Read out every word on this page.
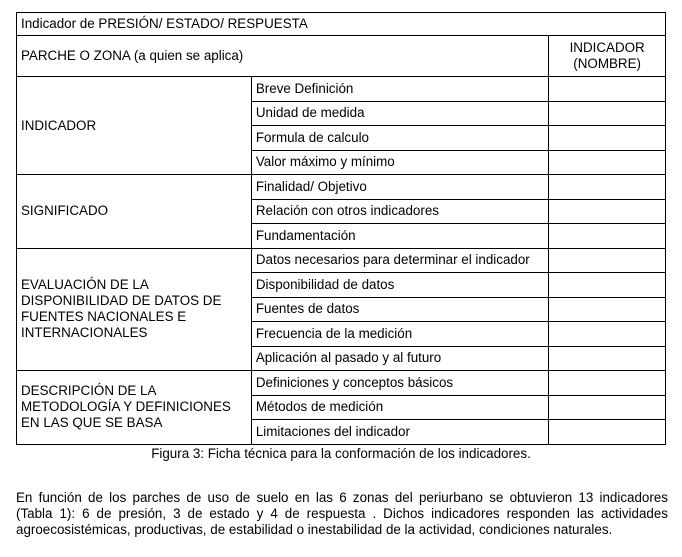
Indicador de PRESIÓN/ ESTADO/ RESPUESTA		
PARCHE O ZONA (a quien se aplica)		INDICADOR
(NOMBRE)
INDICADOR	Breve Definición	
	Unidad de medida	
	Formula de calculo	
	Valor máximo y mínimo	
SIGNIFICADO	Finalidad/ Objetivo	
	Relación con otros indicadores	
	Fundamentación	
EVALUACIÓN DE LA
DISPONIBILIDAD DE DATOS DE
FUENTES NACIONALES E
INTERNACIONALES	Datos necesarios para determinar el indicador	
	Disponibilidad de datos	
	Fuentes de datos	
	Frecuencia de la medición	
	Aplicación al pasado y al futuro	
DESCRIPCIÓN DE LA
METODOLOGÍA Y DEFINICIONES
EN LAS QUE SE BASA	Definiciones y conceptos básicos	
	Métodos de medición	
	Limitaciones del indicador	
Figura 3: Ficha técnica para la conformación de los indicadores.
En función de los parches de uso de suelo en las 6 zonas del periurbano se obtuvieron 13 indicadores
(Tabla 1): 6 de presión, 3 de estado y 4 de respuesta . Dichos indicadores responden las actividades
agroecosistémicas, productivas, de estabilidad o inestabilidad de la actividad, condiciones naturales.
